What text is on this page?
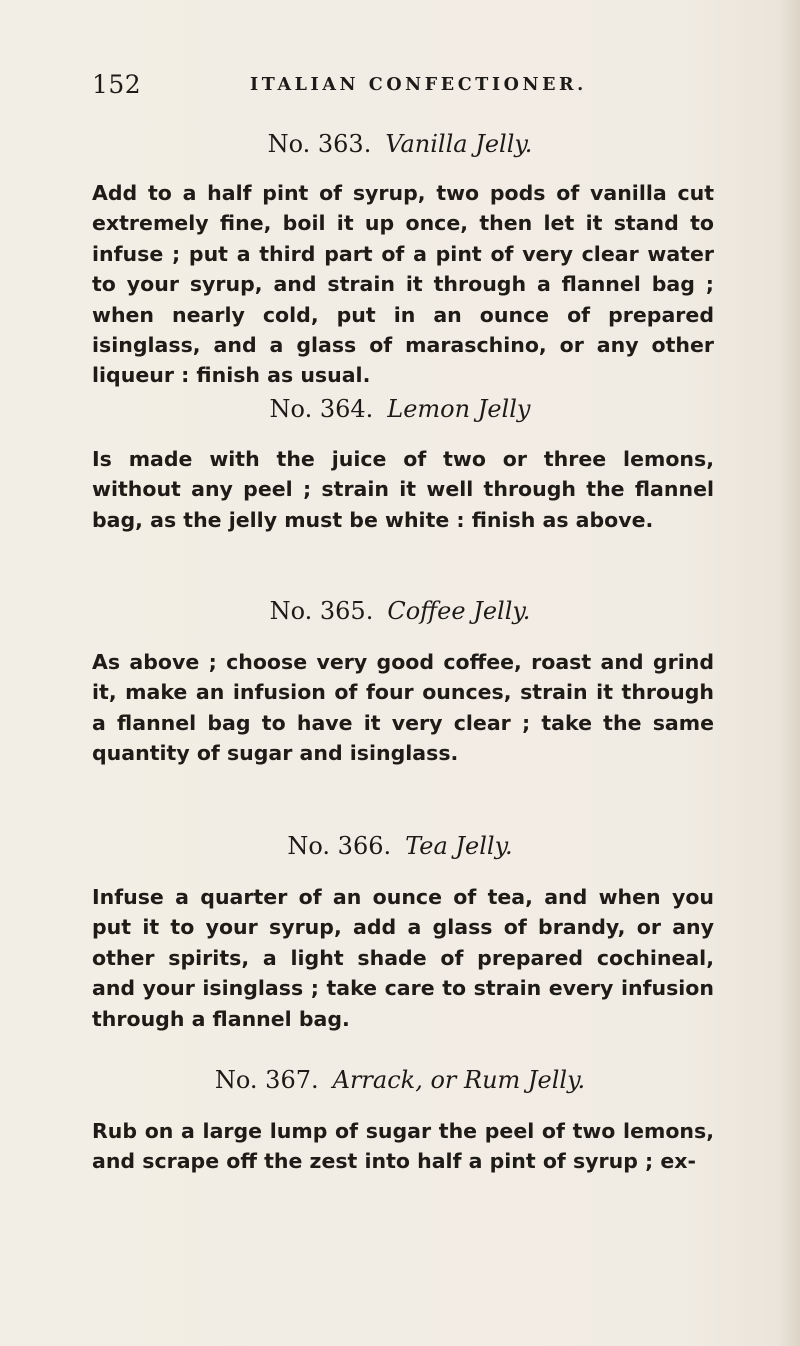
152	ITALIAN CONFECTIONER.
No. 363. Vanilla Jelly.
Add to a half pint of syrup, two pods of vanilla cut extremely fine, boil it up once, then let it stand to infuse ; put a third part of a pint of very clear water to your syrup, and strain it through a flannel bag ; when nearly cold, put in an ounce of prepared isinglass, and a glass of maraschino, or any other liqueur : finish as usual.
No. 364. Lemon Jelly
Is made with the juice of two or three lemons, without any peel ; strain it well through the flannel bag, as the jelly must be white : finish as above.
No. 365. Coffee Jelly.
As above ; choose very good coffee, roast and grind it, make an infusion of four ounces, strain it through a flannel bag to have it very clear ; take the same quantity of sugar and isinglass.
No. 366. Tea Jelly.
Infuse a quarter of an ounce of tea, and when you put it to your syrup, add a glass of brandy, or any other spirits, a light shade of prepared cochineal, and your isinglass ; take care to strain every infusion through a flannel bag.
No. 367. Arrack, or Rum Jelly.
Rub on a large lump of sugar the peel of two lemons, and scrape off the zest into half a pint of syrup ; ex-
